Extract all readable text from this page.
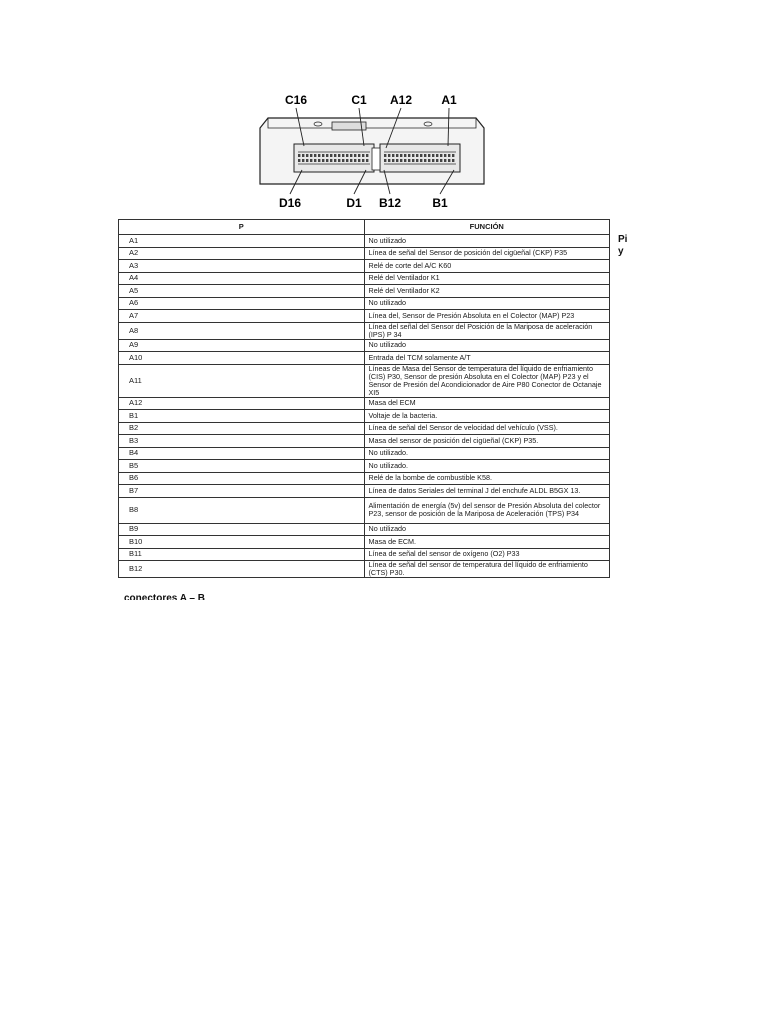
C16	C1 A12 A1
D16	D1 B12	B1
P	FUNCIÓN
A1	No utilizado
A2	Línea de señal del Sensor de posición del cigüeñal (CKP) P35
A3	Relé de corte del A/C K60
A4	Relé del Ventilador K1
A5	Relé del Ventilador K2
A6	No utilizado
A7	Línea del, Sensor de Presión Absoluta en el Colector (MAP) P23
A8	Línea del señal del Sensor del Posición de la Mariposa de aceleración (IPS) P 34
A9	No utilizado
A10	Entrada del TCM solamente A/T
A11	Líneas de Masa del Sensor de temperatura del líquido de enfriamiento (CIS) P30, Sensor de presión Absoluta en el Colector (MAP) P23 y el Sensor de Presión del Acondicionador de Aire P80 Conector de Octanaje XI5
A12	Masa del ECM
B1	Voltaje de la bacteria.
B2	Línea de señal del Sensor de velocidad del vehículo (VSS).
B3	Masa del sensor de posición del cigüeñal (CKP) P35.
B4	No utilizado.
B5	No utilizado.
B6	Relé de la bombe de combustible K58.
B7	Línea de datos Seriales del terminal J del enchufe ALDL B5GX 13.
B8	Alimentación de energía (5v) del sensor de Presión Absoluta del colector P23, sensor de posición de la Mariposa de Aceleración (TPS) P34
B9	No utilizado
B10	Masa de ECM.
B11	Línea de señal del sensor de oxígeno (O2) P33
B12	Línea de señal del sensor de temperatura del líquido de enfriamiento (CTS) P30.
Pi
y
conectores A – B
